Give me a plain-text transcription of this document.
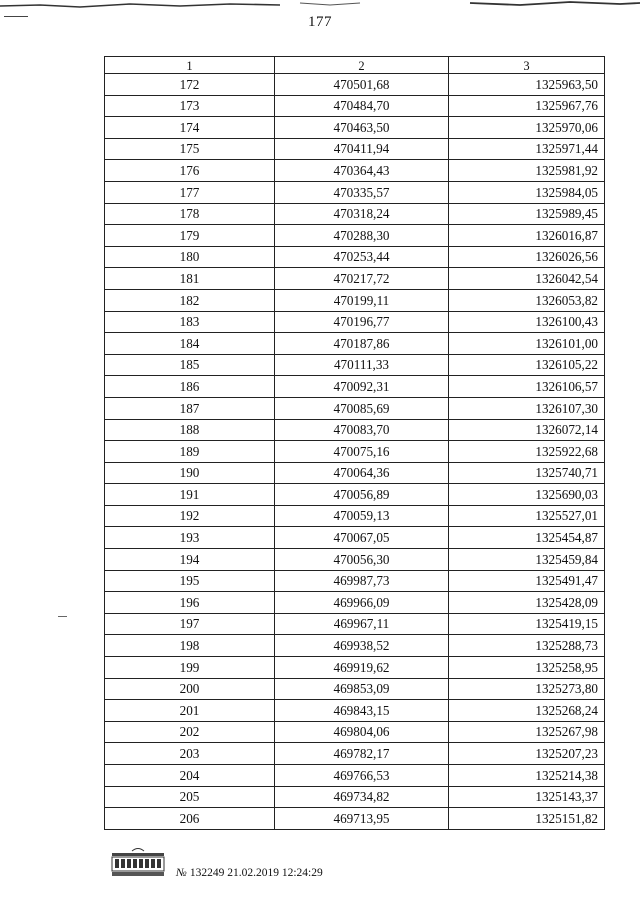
177
1	2	3
172	470501,68	1325963,50
173	470484,70	1325967,76
174	470463,50	1325970,06
175	470411,94	1325971,44
176	470364,43	1325981,92
177	470335,57	1325984,05
178	470318,24	1325989,45
179	470288,30	1326016,87
180	470253,44	1326026,56
181	470217,72	1326042,54
182	470199,11	1326053,82
183	470196,77	1326100,43
184	470187,86	1326101,00
185	470111,33	1326105,22
186	470092,31	1326106,57
187	470085,69	1326107,30
188	470083,70	1326072,14
189	470075,16	1325922,68
190	470064,36	1325740,71
191	470056,89	1325690,03
192	470059,13	1325527,01
193	470067,05	1325454,87
194	470056,30	1325459,84
195	469987,73	1325491,47
196	469966,09	1325428,09
197	469967,11	1325419,15
198	469938,52	1325288,73
199	469919,62	1325258,95
200	469853,09	1325273,80
201	469843,15	1325268,24
202	469804,06	1325267,98
203	469782,17	1325207,23
204	469766,53	1325214,38
205	469734,82	1325143,37
206	469713,95	1325151,82
№ 132249 21.02.2019 12:24:29
